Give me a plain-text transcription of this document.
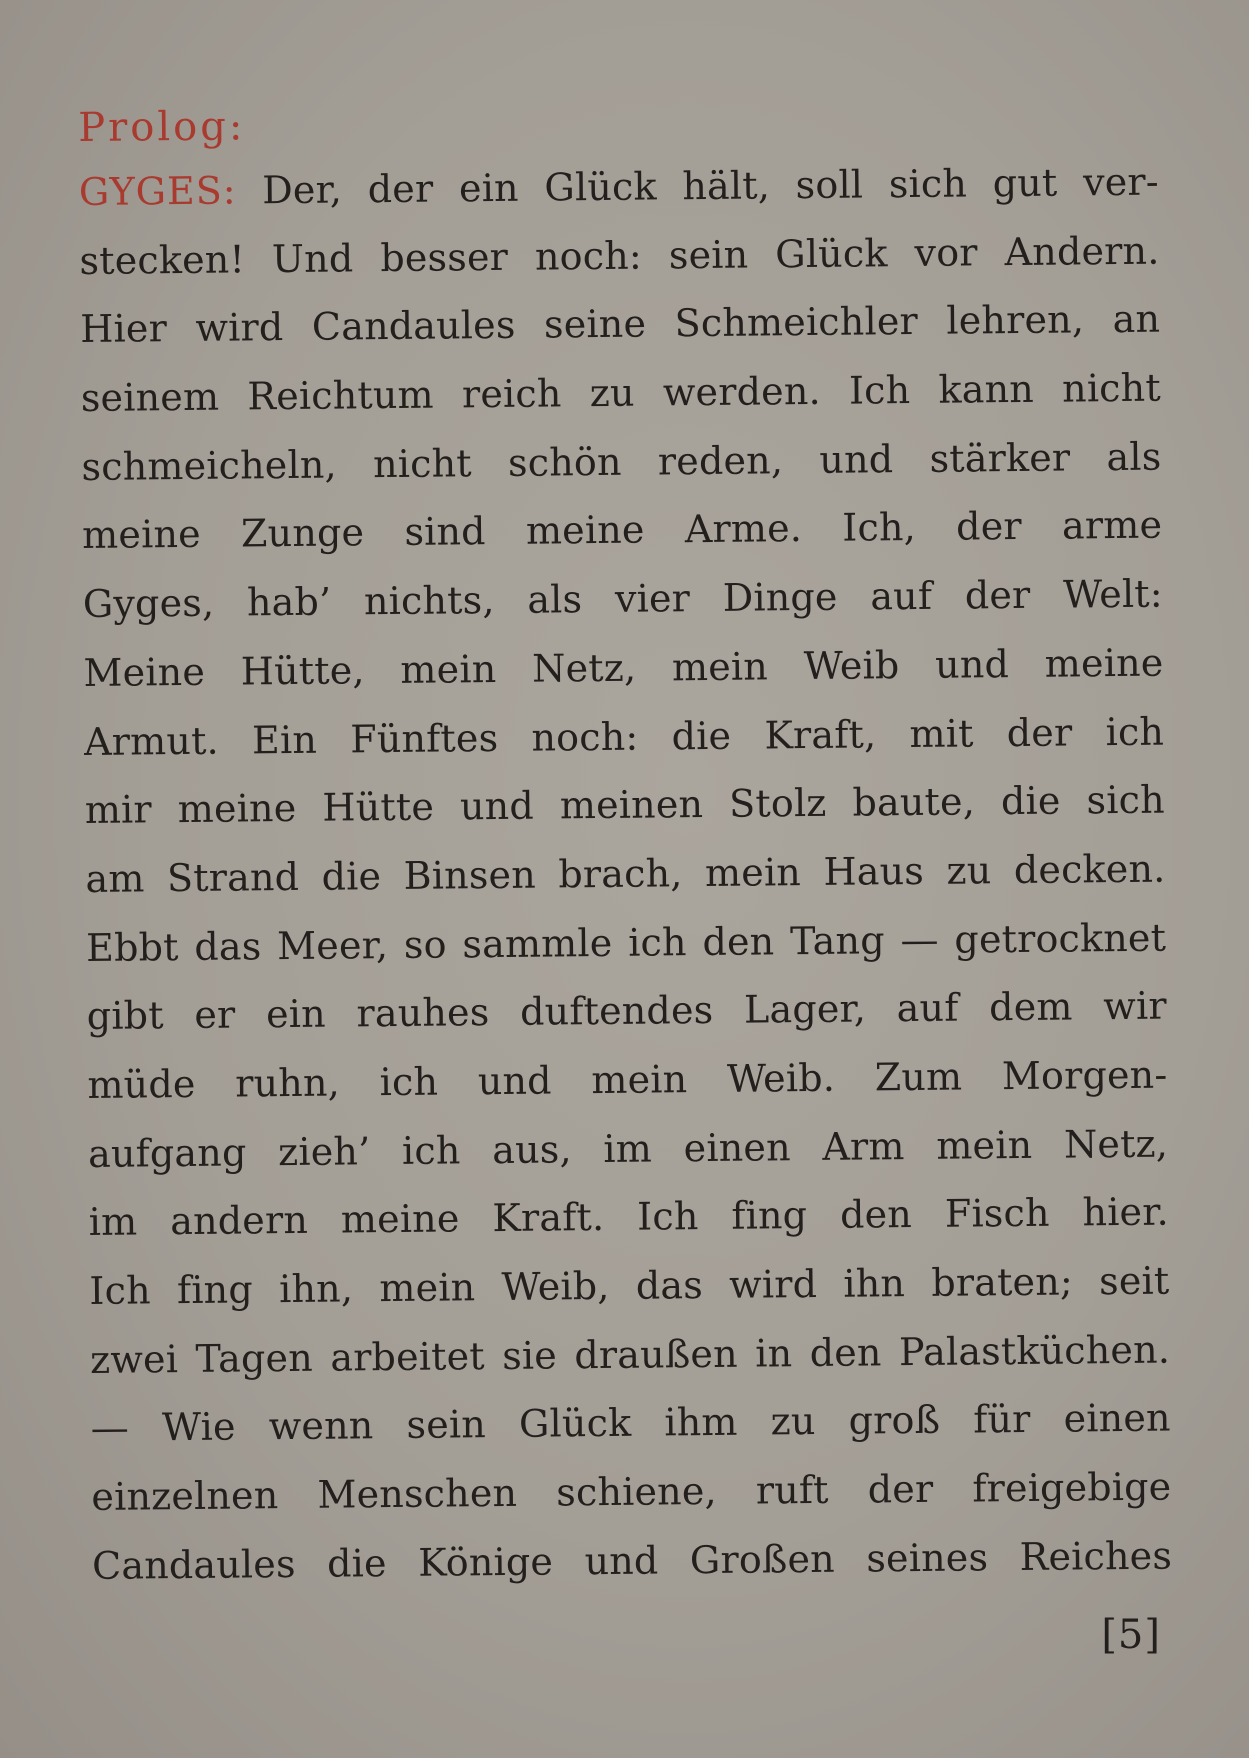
Prolog:
GYGES: Der, der ein Glück hält, soll sich gut ver-
stecken! Und besser noch: sein Glück vor Andern.
Hier wird Candaules seine Schmeichler lehren, an
seinem Reichtum reich zu werden. Ich kann nicht
schmeicheln, nicht schön reden, und stärker als
meine Zunge sind meine Arme. Ich, der arme
Gyges, hab’ nichts, als vier Dinge auf der Welt:
Meine Hütte, mein Netz, mein Weib und meine
Armut. Ein Fünftes noch: die Kraft, mit der ich
mir meine Hütte und meinen Stolz baute, die sich
am Strand die Binsen brach, mein Haus zu decken.
Ebbt das Meer, so sammle ich den Tang — getrocknet
gibt er ein rauhes duftendes Lager, auf dem wir
müde ruhn, ich und mein Weib. Zum Morgen-
aufgang zieh’ ich aus, im einen Arm mein Netz,
im andern meine Kraft. Ich fing den Fisch hier.
Ich fing ihn, mein Weib, das wird ihn braten; seit
zwei Tagen arbeitet sie draußen in den Palastküchen.
— Wie wenn sein Glück ihm zu groß für einen
einzelnen Menschen schiene, ruft der freigebige
Candaules die Könige und Großen seines Reiches
[5]
